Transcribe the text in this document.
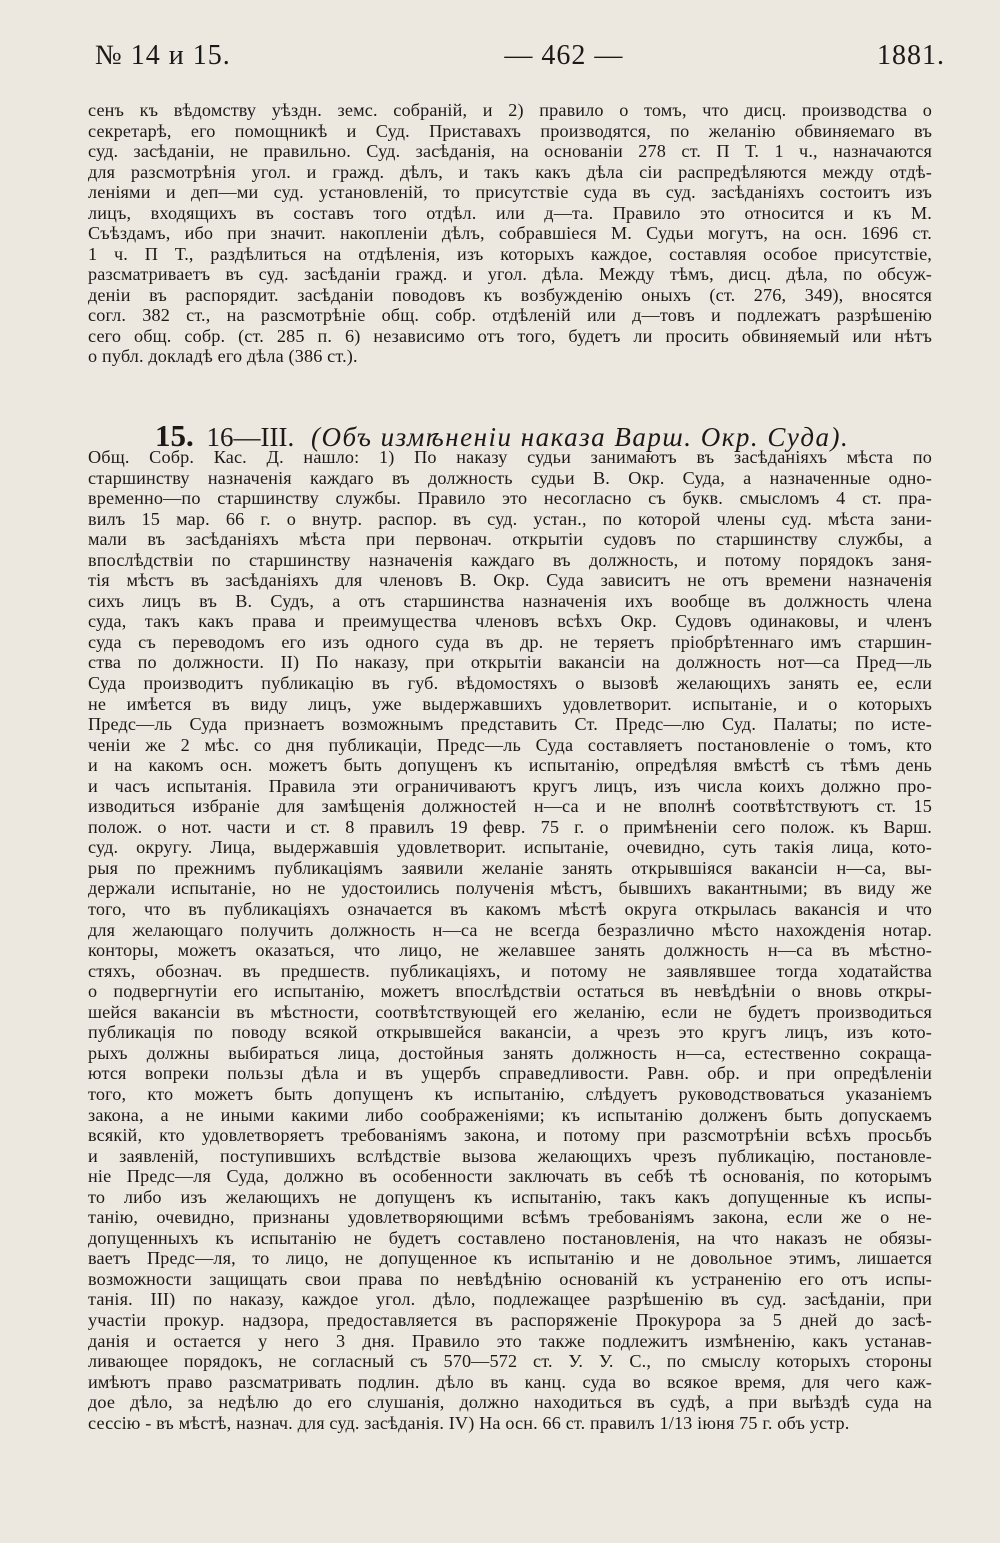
№ 14 и 15.	— 462 —	1881.
сенъ къ вѣдомству уѣздн. земс. собраній, и 2) правило о томъ, что дисц. производства о
секретарѣ, его помощникѣ и Суд. Приставахъ производятся, по желанію обвиняемаго въ
суд. засѣданіи, не правильно. Суд. засѣданія, на основаніи 278 ст. П Т. 1 ч., назначаются
для разсмотрѣнія угол. и гражд. дѣлъ, и такъ какъ дѣла сіи распредѣляются между отдѣ-
леніями и деп—ми суд. установленій, то присутствіе суда въ суд. засѣданіяхъ состоитъ изъ
лицъ, входящихъ въ составъ того отдѣл. или д—та. Правило это относится и къ М.
Съѣздамъ, ибо при значит. накопленіи дѣлъ, собравшіеся М. Судьи могутъ, на осн. 1696 ст.
1 ч. П Т., раздѣлиться на отдѣленія, изъ которыхъ каждое, составляя особое присутствіе,
разсматриваетъ въ суд. засѣданіи гражд. и угол. дѣла. Между тѣмъ, дисц. дѣла, по обсуж-
деніи въ распорядит. засѣданіи поводовъ къ возбужденію оныхъ (ст. 276, 349), вносятся
согл. 382 ст., на разсмотрѣніе общ. собр. отдѣленій или д—товъ и подлежатъ разрѣшенію
сего общ. собр. (ст. 285 п. 6) независимо отъ того, будетъ ли просить обвиняемый или нѣтъ
о публ. докладѣ его дѣла (386 ст.).
15. 16—III. (Объ измѣненіи наказа Варш. Окр. Суда).
Общ. Собр. Кас. Д. нашло: 1) По наказу судьи занимаютъ въ засѣданіяхъ мѣста по
старшинству назначенія каждаго въ должность судьи В. Окр. Суда, а назначенные одно-
временно—по старшинству службы. Правило это несогласно съ букв. смысломъ 4 ст. пра-
вилъ 15 мар. 66 г. о внутр. распор. въ суд. устан., по которой члены суд. мѣста зани-
мали въ засѣданіяхъ мѣста при первонач. открытіи судовъ по старшинству службы, а
впослѣдствіи по старшинству назначенія каждаго въ должность, и потому порядокъ заня-
тія мѣстъ въ засѣданіяхъ для членовъ В. Окр. Суда зависитъ не отъ времени назначенія
сихъ лицъ въ В. Судъ, а отъ старшинства назначенія ихъ вообще въ должность члена
суда, такъ какъ права и преимущества членовъ всѣхъ Окр. Судовъ одинаковы, и членъ
суда съ переводомъ его изъ одного суда въ др. не теряетъ пріобрѣтеннаго имъ старшин-
ства по должности. II) По наказу, при открытіи вакансіи на должность нот—са Пред—ль
Суда производитъ публикацію въ губ. вѣдомостяхъ о вызовѣ желающихъ занять ее, если
не имѣется въ виду лицъ, уже выдержавшихъ удовлетворит. испытаніе, и о которыхъ
Предс—ль Суда признаетъ возможнымъ представить Ст. Предс—лю Суд. Палаты; по исте-
ченіи же 2 мѣс. со дня публикаціи, Предс—ль Суда составляетъ постановленіе о томъ, кто
и на какомъ осн. можетъ быть допущенъ къ испытанію, опредѣляя вмѣстѣ съ тѣмъ день
и часъ испытанія. Правила эти ограничиваютъ кругъ лицъ, изъ числа коихъ должно про-
изводиться избраніе для замѣщенія должностей н—са и не вполнѣ соотвѣтствуютъ ст. 15
полож. о нот. части и ст. 8 правилъ 19 февр. 75 г. о примѣненіи сего полож. къ Варш.
суд. округу. Лица, выдержавшія удовлетворит. испытаніе, очевидно, суть такія лица, кото-
рыя по прежнимъ публикаціямъ заявили желаніе занять открывшіяся вакансіи н—са, вы-
держали испытаніе, но не удостоились полученія мѣстъ, бывшихъ вакантными; въ виду же
того, что въ публикаціяхъ означается въ какомъ мѣстѣ округа открылась вакансія и что
для желающаго получить должность н—са не всегда безразлично мѣсто нахожденія нотар.
конторы, можетъ оказаться, что лицо, не желавшее занять должность н—са въ мѣстно-
стяхъ, обознач. въ предшеств. публикаціяхъ, и потому не заявлявшее тогда ходатайства
о подвергнутіи его испытанію, можетъ впослѣдствіи остаться въ невѣдѣніи о вновь откры-
шейся вакансіи въ мѣстности, соотвѣтствующей его желанію, если не будетъ производиться
публикація по поводу всякой открывшейся вакансіи, а чрезъ это кругъ лицъ, изъ кото-
рыхъ должны выбираться лица, достойныя занять должность н—са, естественно сокраща-
ются вопреки пользы дѣла и въ ущербъ справедливости. Равн. обр. и при опредѣленіи
того, кто можетъ быть допущенъ къ испытанію, слѣдуетъ руководствоваться указаніемъ
закона, а не иными какими либо соображеніями; къ испытанію долженъ быть допускаемъ
всякій, кто удовлетворяетъ требованіямъ закона, и потому при разсмотрѣніи всѣхъ просьбъ
и заявленій, поступившихъ вслѣдствіе вызова желающихъ чрезъ публикацію, постановле-
ніе Предс—ля Суда, должно въ особенности заключать въ себѣ тѣ основанія, по которымъ
то либо изъ желающихъ не допущенъ къ испытанію, такъ какъ допущенные къ испы-
танію, очевидно, признаны удовлетворяющими всѣмъ требованіямъ закона, если же о не-
допущенныхъ къ испытанію не будетъ составлено постановленія, на что наказъ не обязы-
ваетъ Предс—ля, то лицо, не допущенное къ испытанію и не довольное этимъ, лишается
возможности защищать свои права по невѣдѣнію основаній къ устраненію его отъ испы-
танія. III) по наказу, каждое угол. дѣло, подлежащее разрѣшенію въ суд. засѣданіи, при
участіи прокур. надзора, предоставляется въ распоряженіе Прокурора за 5 дней до засѣ-
данія и остается у него 3 дня. Правило это также подлежитъ измѣненію, какъ устанав-
ливающее порядокъ, не согласный съ 570—572 ст. У. У. С., по смыслу которыхъ стороны
имѣютъ право разсматривать подлин. дѣло въ канц. суда во всякое время, для чего каж-
дое дѣло, за недѣлю до его слушанія, должно находиться въ судѣ, а при выѣздѣ суда на
сессію - въ мѣстѣ, назнач. для суд. засѣданія. IV) На осн. 66 ст. правилъ 1/13 іюня 75 г. объ устр.
